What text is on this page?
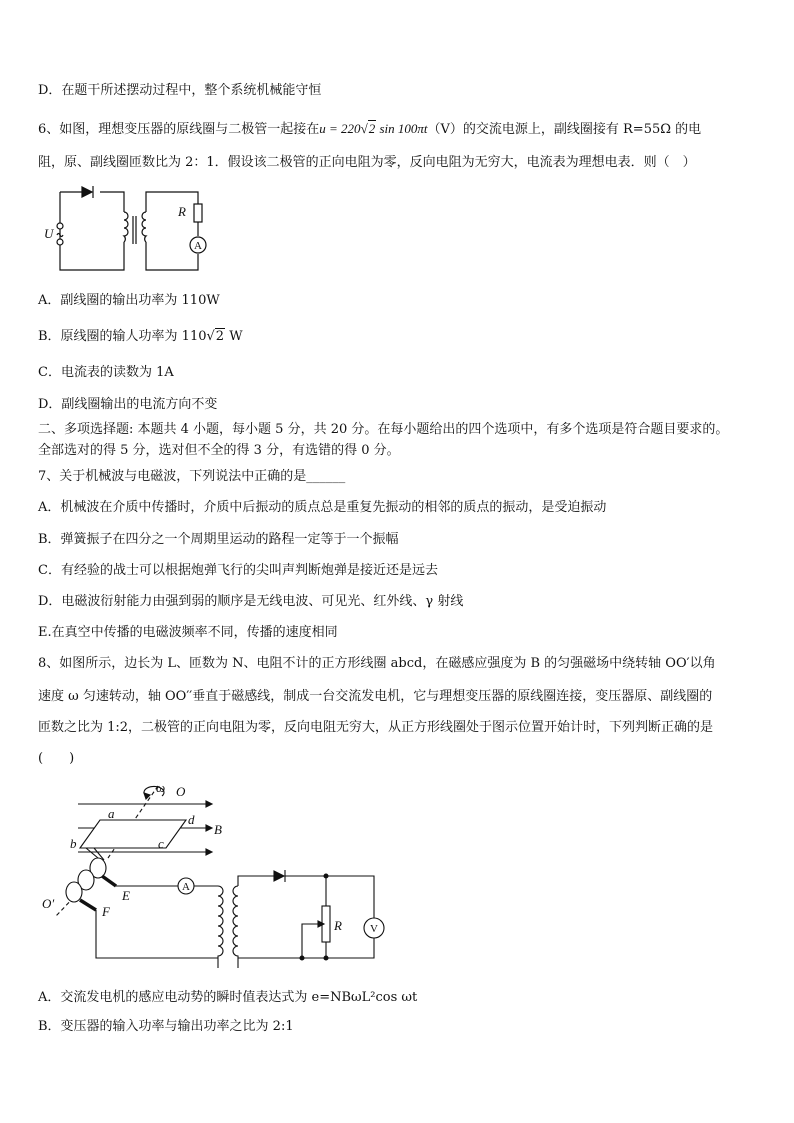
D．在题干所述摆动过程中，整个系统机械能守恒
6、如图，理想变压器的原线圈与二极管一起接在u = 220√2 sin 100πt（V）的交流电源上，副线圈接有 R=55Ω 的电
阻，原、副线圈匝数比为 2：1．假设该二极管的正向电阻为零，反向电阻为无穷大，电流表为理想电表．则（　）
U
R
A
A．副线圈的输出功率为 110W
B．原线圈的输人功率为 110√2 W
C．电流表的读数为 1A
D．副线圈输出的电流方向不变
二、多项选择题: 本题共 4 小题，每小题 5 分，共 20 分。在每小题给出的四个选项中，有多个选项是符合题目要求的。
全部选对的得 5 分，选对但不全的得 3 分，有选错的得 0 分。
7、关于机械波与电磁波，下列说法中正确的是______
A．机械波在介质中传播时，介质中后振动的质点总是重复先振动的相邻的质点的振动，是受迫振动
B．弹簧振子在四分之一个周期里运动的路程一定等于一个振幅
C．有经验的战士可以根据炮弹飞行的尖叫声判断炮弹是接近还是远去
D．电磁波衍射能力由强到弱的顺序是无线电波、可见光、红外线、γ 射线
E.在真空中传播的电磁波频率不同，传播的速度相同
8、如图所示，边长为 L、匝数为 N、电阻不计的正方形线圈 abcd，在磁感应强度为 B 的匀强磁场中绕转轴 OO′以角
速度 ω 匀速转动，轴 OO′′垂直于磁感线，制成一台交流发电机，它与理想变压器的原线圈连接，变压器原、副线圈的
匝数之比为 1:2，二极管的正向电阻为零，反向电阻无穷大，从正方形线圈处于图示位置开始计时，下列判断正确的是
(　　)
ω O
a	d
B
b	c
E
F
O′
A
R	V
A．交流发电机的感应电动势的瞬时值表达式为 e=NBωL²cos ωt
B．变压器的输入功率与输出功率之比为 2:1
